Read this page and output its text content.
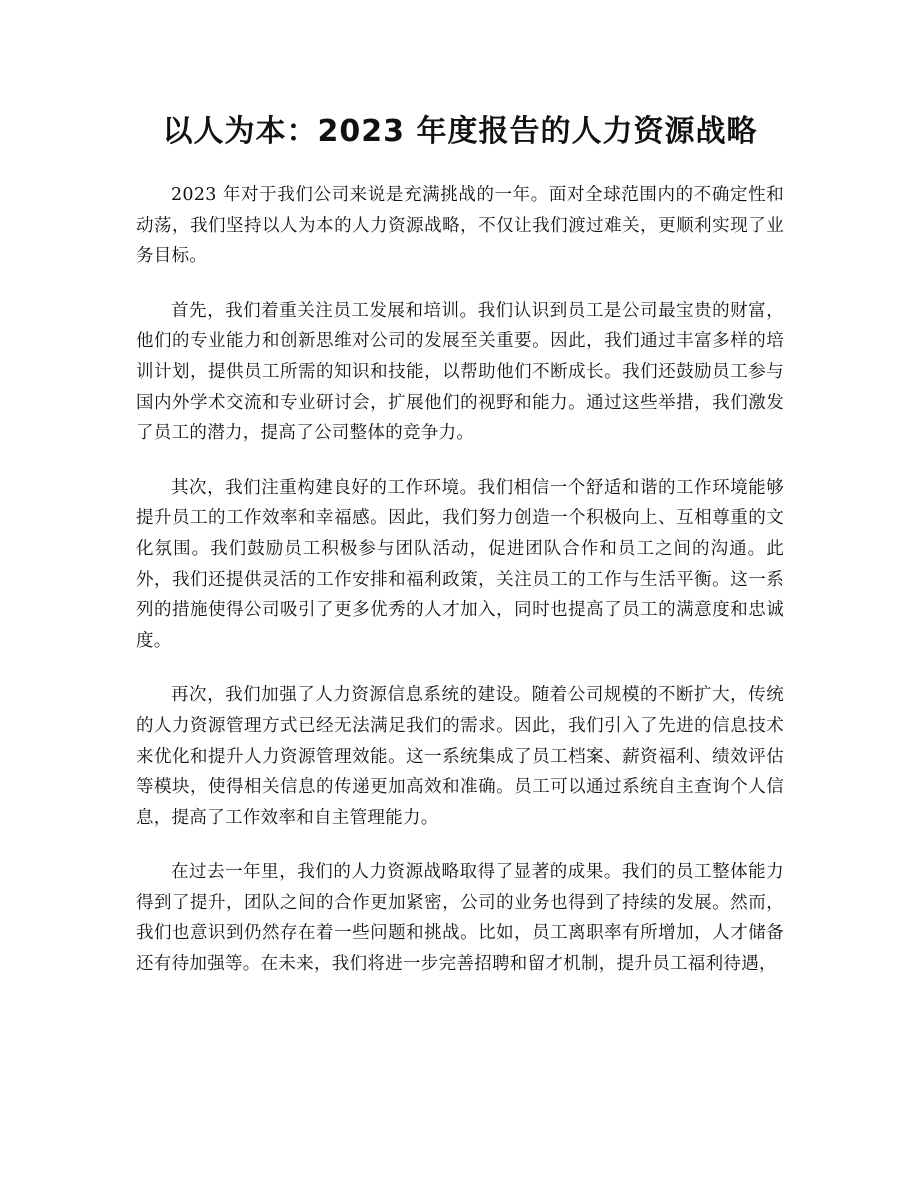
以人为本：2023 年度报告的人力资源战略

2023 年对于我们公司来说是充满挑战的一年。面对全球范围内的不确定性和动荡，我们坚持以人为本的人力资源战略，不仅让我们渡过难关，更顺利实现了业务目标。

首先，我们着重关注员工发展和培训。我们认识到员工是公司最宝贵的财富，他们的专业能力和创新思维对公司的发展至关重要。因此，我们通过丰富多样的培训计划，提供员工所需的知识和技能，以帮助他们不断成长。我们还鼓励员工参与国内外学术交流和专业研讨会，扩展他们的视野和能力。通过这些举措，我们激发了员工的潜力，提高了公司整体的竞争力。

其次，我们注重构建良好的工作环境。我们相信一个舒适和谐的工作环境能够提升员工的工作效率和幸福感。因此，我们努力创造一个积极向上、互相尊重的文化氛围。我们鼓励员工积极参与团队活动，促进团队合作和员工之间的沟通。此外，我们还提供灵活的工作安排和福利政策，关注员工的工作与生活平衡。这一系列的措施使得公司吸引了更多优秀的人才加入，同时也提高了员工的满意度和忠诚度。

再次，我们加强了人力资源信息系统的建设。随着公司规模的不断扩大，传统的人力资源管理方式已经无法满足我们的需求。因此，我们引入了先进的信息技术来优化和提升人力资源管理效能。这一系统集成了员工档案、薪资福利、绩效评估等模块，使得相关信息的传递更加高效和准确。员工可以通过系统自主查询个人信息，提高了工作效率和自主管理能力。

在过去一年里，我们的人力资源战略取得了显著的成果。我们的员工整体能力得到了提升，团队之间的合作更加紧密，公司的业务也得到了持续的发展。然而，我们也意识到仍然存在着一些问题和挑战。比如，员工离职率有所增加，人才储备还有待加强等。在未来，我们将进一步完善招聘和留才机制，提升员工福利待遇，
